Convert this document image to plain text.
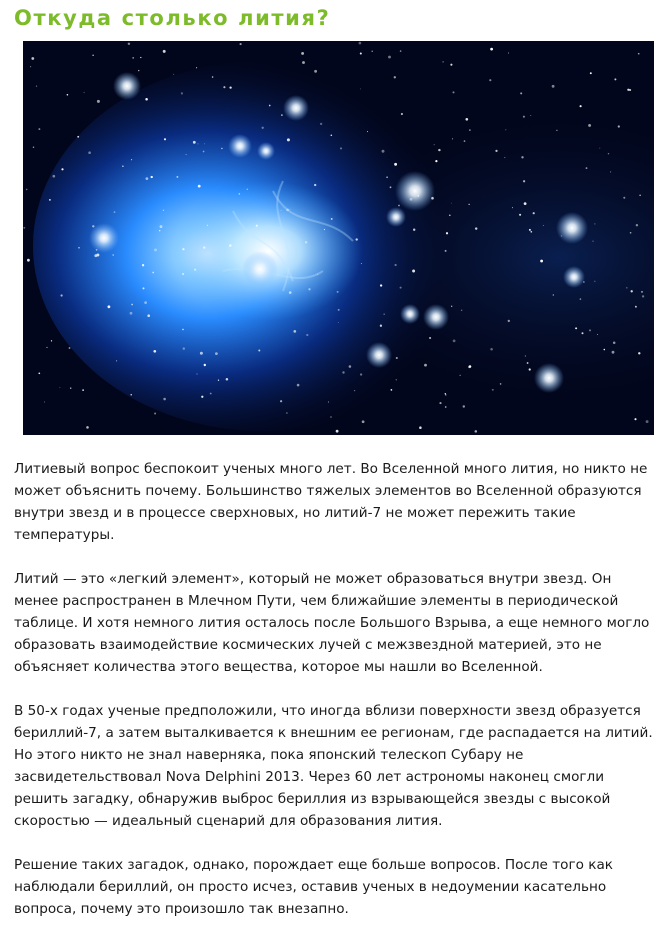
Откуда столько лития?

Литиевый вопрос беспокоит ученых много лет. Во Вселенной много лития, но никто не может объяснить почему. Большинство тяжелых элементов во Вселенной образуются внутри звезд и в процессе сверхновых, но литий-7 не может пережить такие температуры.

Литий — это «легкий элемент», который не может образоваться внутри звезд. Он менее распространен в Млечном Пути, чем ближайшие элементы в периодической таблице. И хотя немного лития осталось после Большого Взрыва, а еще немного могло образовать взаимодействие космических лучей с межзвездной материей, это не объясняет количества этого вещества, которое мы нашли во Вселенной.

В 50-х годах ученые предположили, что иногда вблизи поверхности звезд образуется бериллий-7, а затем выталкивается к внешним ее регионам, где распадается на литий. Но этого никто не знал наверняка, пока японский телескоп Субару не засвидетельствовал Nova Delphini 2013. Через 60 лет астрономы наконец смогли решить загадку, обнаружив выброс бериллия из взрывающейся звезды с высокой скоростью — идеальный сценарий для образования лития.

Решение таких загадок, однако, порождает еще больше вопросов. После того как наблюдали бериллий, он просто исчез, оставив ученых в недоумении касательно вопроса, почему это произошло так внезапно.
